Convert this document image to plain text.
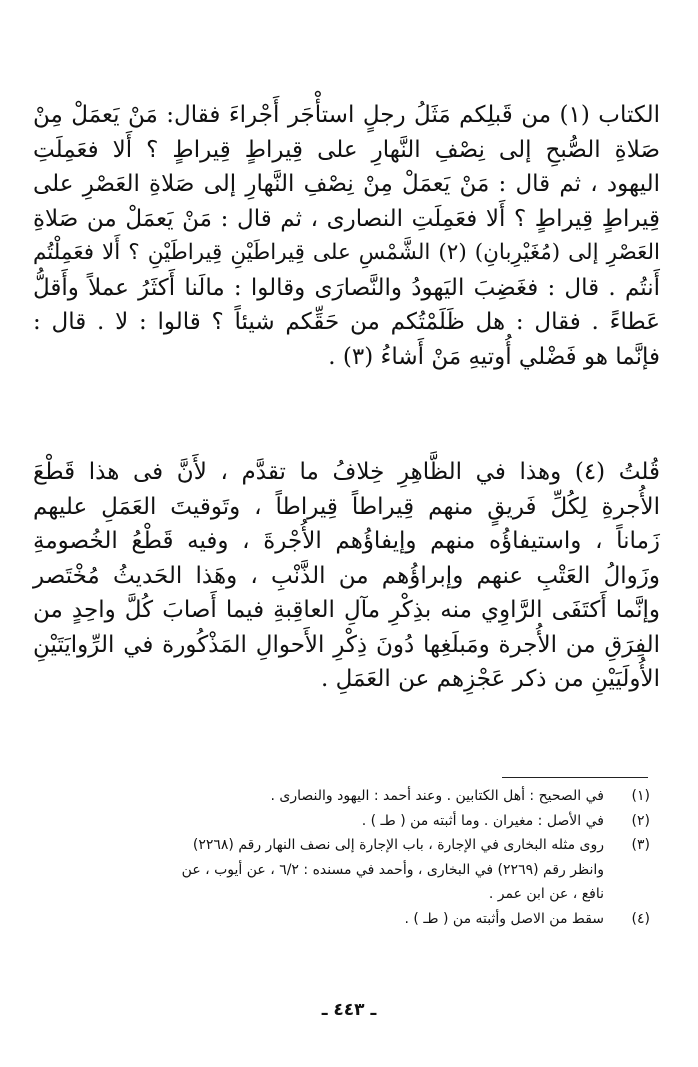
الكتاب (١) من قَبلِكم مَثَلُ رجلٍ استأْجَر أَجْراءَ فقال: مَنْ يَعمَلْ مِنْ
صَلاةِ الصُّبحِ إلى نِصْفِ النَّهارِ على قِيراطٍ قِيراطٍ ؟ أَلا فعَمِلَتِ
اليهود ، ثم قال : مَنْ يَعمَلْ مِنْ نِصْفِ النَّهارِ إلى صَلاةِ العَصْرِ على
قِيراطٍ قِيراطٍ ؟ أَلا فعَمِلَتِ النصارى ، ثم قال : مَنْ يَعمَلْ من صَلاةِ
العَصْرِ إلى (مُغَيْرِبانِ) (٢) الشَّمْسِ على قِيراطَيْنِ قِيراطَيْنِ ؟ أَلا فعَمِلْتُم
أَنتُم . قال : فغَضِبَ اليَهودُ والنَّصارَى وقالوا : مالَنا أَكثَرُ عملاً وأَقلُّ
عَطاءً . فقال : هل ظَلَمْتُكم من حَقِّكم شيئاً ؟ قالوا : لا . قال :
فإنَّما هو فَضْلي أُوتيهِ مَنْ أَشاءُ (٣) .
قُلتُ (٤) وهذا في الظَّاهِرِ خِلافُ ما تقدَّم ، لأَنَّ فى هذا قَطْعَ
الأُجرةِ لِكُلِّ فَريقٍ منهم قِيراطاً قِيراطاً ، وتَوقيتَ العَمَلِ عليهم
زَماناً ، واستيفاؤُه منهم وإيفاؤُهم الأُجْرةَ ، وفيه قَطْعُ الخُصومةِ
وزَوالُ العَتْبِ عنهم وإبراؤُهم من الذَّنْبِ ، وهَذا الحَديثُ مُخْتَصر
وإنَّما أَكتَفَى الرَّاوِي منه بذِكْرِ مآلِ العاقِبةِ فيما أَصابَ كُلَّ واحِدٍ من
الفِرَقِ من الأُجرة ومَبلَغِها دُونَ ذِكْرِ الأَحوالِ المَذْكُورة في الرِّوايَتَيْنِ
الأُولَيَيْنِ من ذكر عَجْزِهم عن العَمَلِ .
(١)
في الصحيح : أهل الكتابين . وعند أحمد : اليهود والنصارى .
(٢)
في الأصل : مغيران . وما أثبته من ( طـ ) .
(٣)
روى مثله البخارى في الإجارة ، باب الإجارة إلى نصف النهار رقم (٢٢٦٨)
وانظر رقم (٢٢٦٩) في البخارى ، وأحمد في مسنده : ٦/٢ ، عن أيوب ، عن
نافع ، عن ابن عمر .
(٤)
سقط من الاصل وأثبته من ( طـ ) .
ـ ٤٤٣ ـ
